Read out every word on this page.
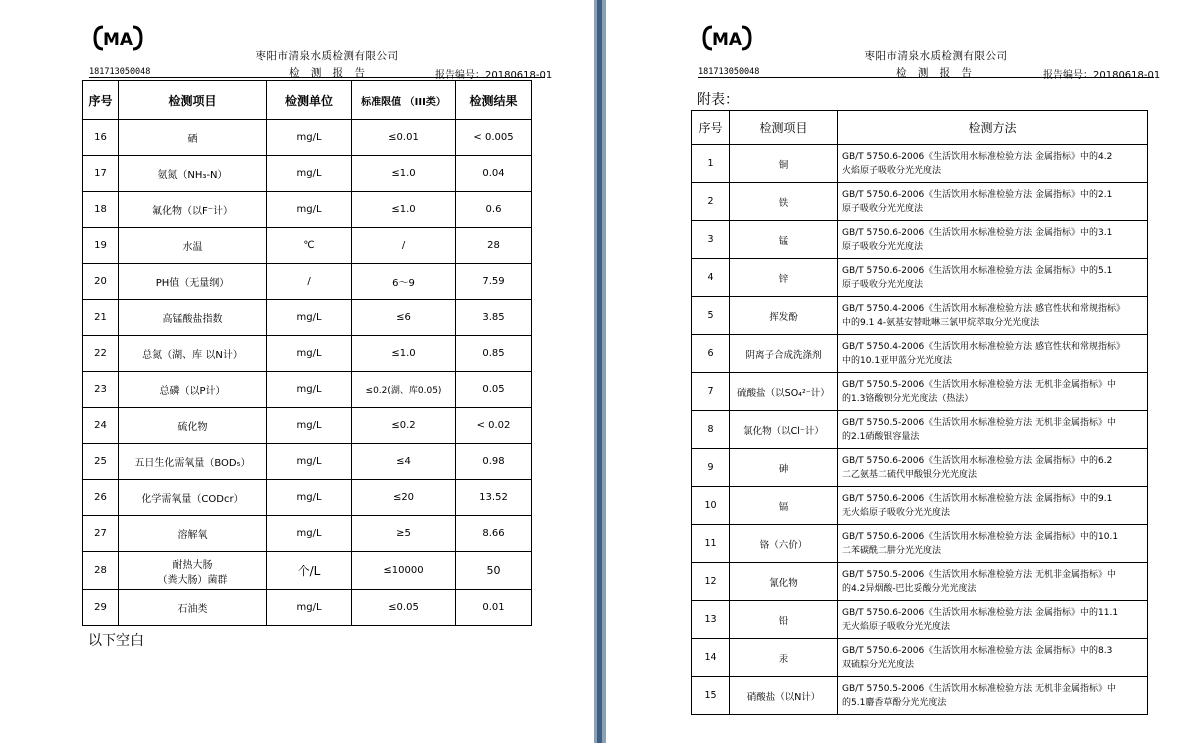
MA
枣阳市清泉水质检测有限公司
181713050048	检 测 报 告	报告编号：20180618-01
序号	检测项目	检测单位	标准限值 （III类）	检测结果
16	硒	mg/L	≤0.01	< 0.005
17	氨氮（NH₃-N）	mg/L	≤1.0	0.04
18	氟化物（以F⁻计）	mg/L	≤1.0	0.6
19	水温	℃	/	28
20	PH值（无量纲）	/	6～9	7.59
21	高锰酸盐指数	mg/L	≤6	3.85
22	总氮（湖、库 以N计）	mg/L	≤1.0	0.85
23	总磷（以P计）	mg/L	≤0.2(湖、库0.05)	0.05
24	硫化物	mg/L	≤0.2	< 0.02
25	五日生化需氧量（BOD₅）	mg/L	≤4	0.98
26	化学需氧量（CODcr）	mg/L	≤20	13.52
27	溶解氧	mg/L	≥5	8.66
28	耐热大肠
（粪大肠）菌群	个/L	≤10000	50
29	石油类	mg/L	≤0.05	0.01
以下空白
MA
枣阳市清泉水质检测有限公司
181713050048	检 测 报 告	报告编号：20180618-01
附表：
序号	检测项目	检测方法
1	铜	GB/T 5750.6-2006《生活饮用水标准检验方法 金属指标》中的4.2
火焰原子吸收分光光度法
2	铁	GB/T 5750.6-2006《生活饮用水标准检验方法 金属指标》中的2.1
原子吸收分光光度法
3	锰	GB/T 5750.6-2006《生活饮用水标准检验方法 金属指标》中的3.1
原子吸收分光光度法
4	锌	GB/T 5750.6-2006《生活饮用水标准检验方法 金属指标》中的5.1
原子吸收分光光度法
5	挥发酚	GB/T 5750.4-2006《生活饮用水标准检验方法 感官性状和常规指标》
中的9.1 4-氨基安替吡啉三氯甲烷萃取分光光度法
6	阴离子合成洗涤剂	GB/T 5750.4-2006《生活饮用水标准检验方法 感官性状和常规指标》
中的10.1亚甲蓝分光光度法
7	硫酸盐（以SO₄²⁻计）	GB/T 5750.5-2006《生活饮用水标准检验方法 无机非金属指标》中
的1.3铬酸钡分光光度法（热法）
8	氯化物（以Cl⁻计）	GB/T 5750.5-2006《生活饮用水标准检验方法 无机非金属指标》中
的2.1硝酸银容量法
9	砷	GB/T 5750.6-2006《生活饮用水标准检验方法 金属指标》中的6.2
二乙氨基二硫代甲酸银分光光度法
10	镉	GB/T 5750.6-2006《生活饮用水标准检验方法 金属指标》中的9.1
无火焰原子吸收分光光度法
11	铬（六价）	GB/T 5750.6-2006《生活饮用水标准检验方法 金属指标》中的10.1
二苯碳酰二肼分光光度法
12	氰化物	GB/T 5750.5-2006《生活饮用水标准检验方法 无机非金属指标》中
的4.2异烟酸-巴比妥酸分光光度法
13	铅	GB/T 5750.6-2006《生活饮用水标准检验方法 金属指标》中的11.1
无火焰原子吸收分光光度法
14	汞	GB/T 5750.6-2006《生活饮用水标准检验方法 金属指标》中的8.3
双硫腙分光光度法
15	硝酸盐（以N计）	GB/T 5750.5-2006《生活饮用水标准检验方法 无机非金属指标》中
的5.1麝香草酚分光光度法
